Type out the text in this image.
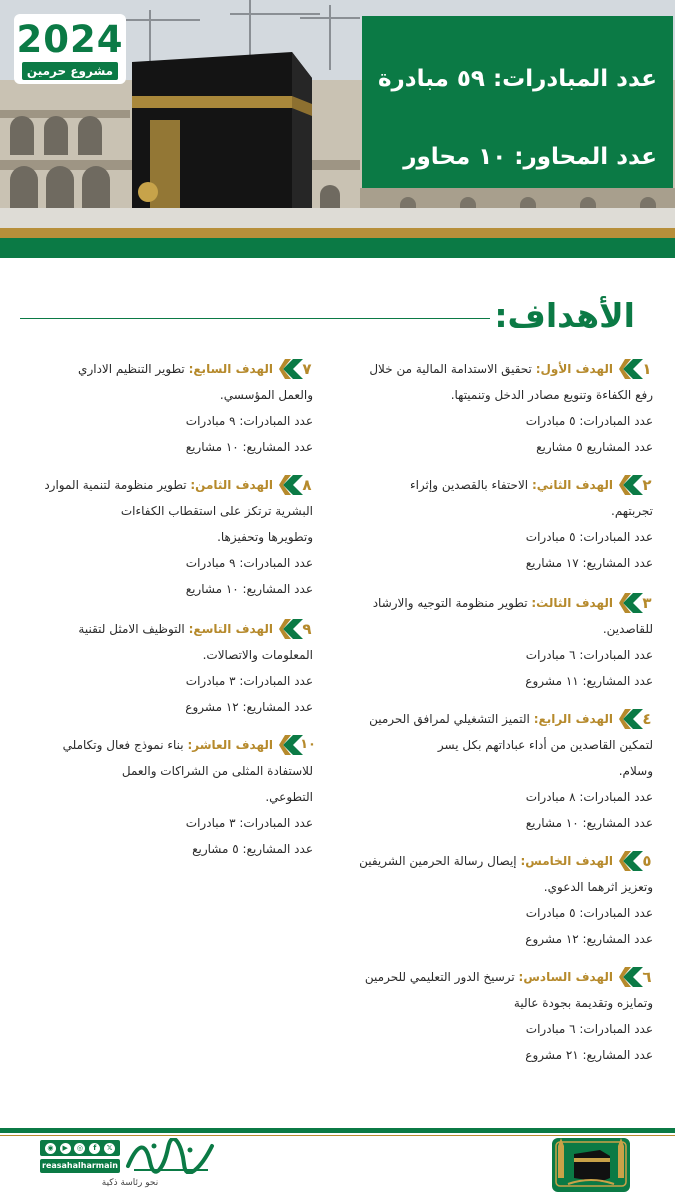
2024
مشروع حرمين	عدد المبادرات: ٥٩ مبادرة
عدد المحاور: ١٠ محاور
الأهداف:
١
الهدف الأول: تحقيق الاستدامة المالية من خلال
رفع الكفاءة وتنويع مصادر الدخل وتنميتها.
عدد المبادرات: ٥ مبادرات
عدد المشاريع ٥ مشاريع
٢
الهدف الثاني: الاحتفاء بالقصدين وإثراء
تجربتهم.
عدد المبادرات: ٥ مبادرات
عدد المشاريع: ١٧ مشاريع
٣
الهدف الثالث: تطوير منظومة التوجيه والارشاد
للقاصدين.
عدد المبادرات: ٦ مبادرات
عدد المشاريع: ١١ مشروع
٤
الهدف الرابع: التميز التشغيلي لمرافق الحرمين
لتمكين القاصدين من أداء عباداتهم بكل يسر
وسلام.
عدد المبادرات: ٨ مبادرات
عدد المشاريع: ١٠ مشاريع
٥
الهدف الخامس: إيصال رسالة الحرمين الشريفين
وتعزيز اثرهما الدعوي.
عدد المبادرات: ٥ مبادرات
عدد المشاريع: ١٢ مشروع
٦
الهدف السادس: ترسيخ الدور التعليمي للحرمين
وتمايزه وتقديمة بجودة عالية
عدد المبادرات: ٦ مبادرات
عدد المشاريع: ٢١ مشروع
٧
الهدف السابع: تطوير التنظيم الاداري
والعمل المؤسسي.
عدد المبادرات: ٩ مبادرات
عدد المشاريع: ١٠ مشاريع
٨
الهدف الثامن: تطوير منظومة لتنمية الموارد
البشرية ترتكز على استقطاب الكفاءات
وتطويرها وتحفيزها.
عدد المبادرات: ٩ مبادرات
عدد المشاريع: ١٠ مشاريع
٩
الهدف التاسع: التوظيف الامثل لتقنية
المعلومات والاتصالات.
عدد المبادرات: ٣ مبادرات
عدد المشاريع: ١٢ مشروع
١٠
الهدف العاشر: بناء نموذج فعال وتكاملي
للاستفادة المثلى من الشراكات والعمل
التطوعي.
عدد المبادرات: ٣ مبادرات
عدد المشاريع: ٥ مشاريع
◉	▶	◎	f	𝕏
reasahalharmain
نحو رئاسة ذكية
